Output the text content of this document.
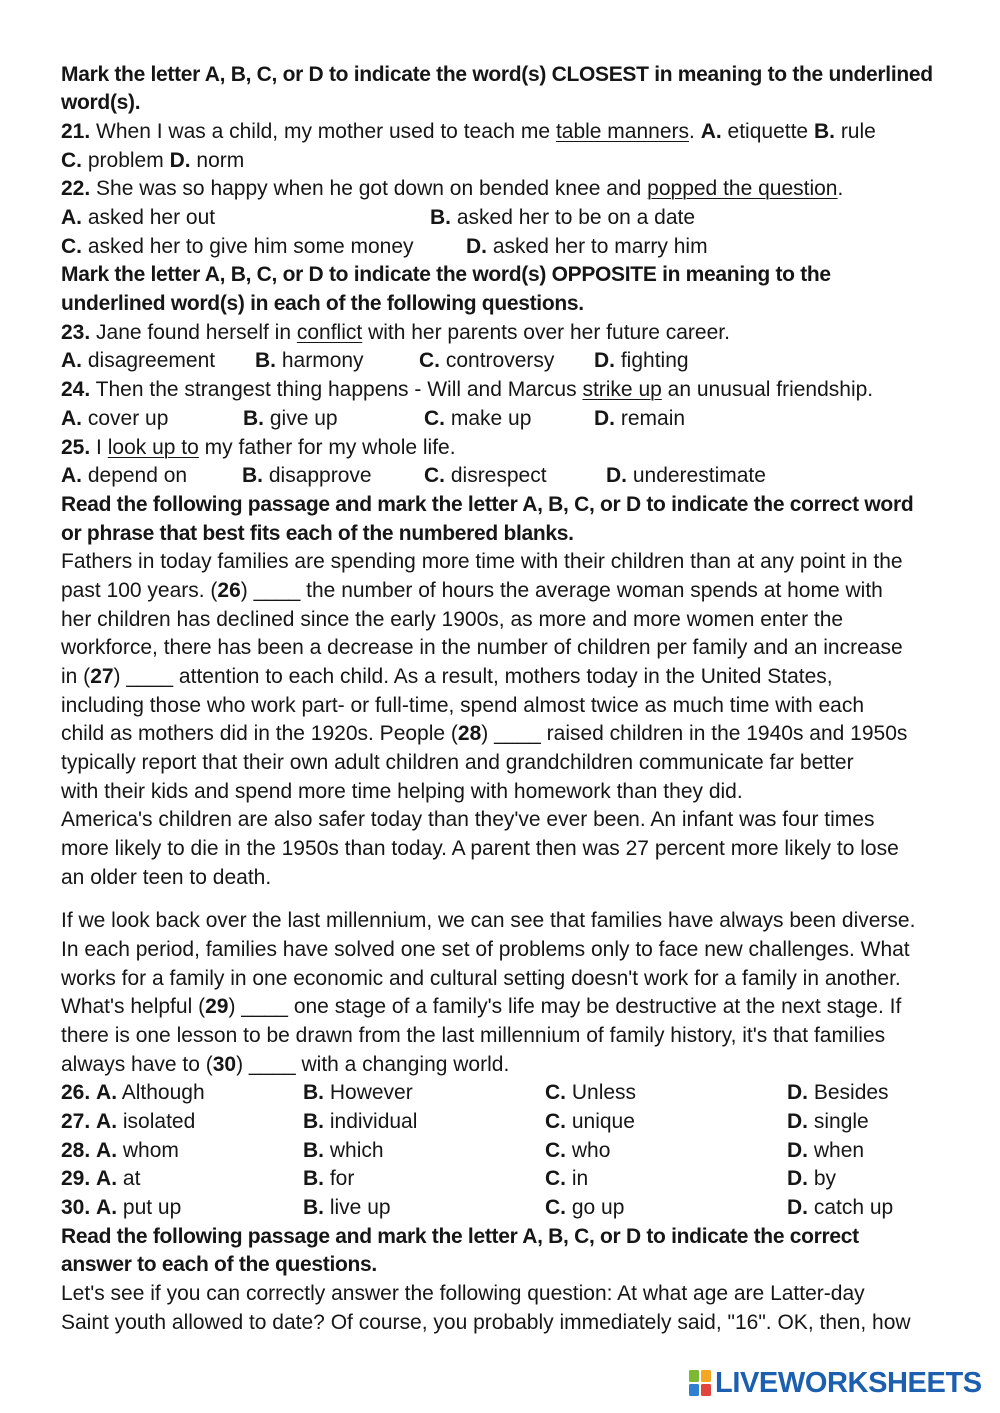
Mark the letter A, B, C, or D to indicate the word(s) CLOSEST in meaning to the underlined
word(s).
21. When I was a child, my mother used to teach me table manners. A. etiquette B. rule
C. problem D. norm
22. She was so happy when he got down on bended knee and popped the question.
A. asked her out	B. asked her to be on a date
C. asked her to give him some money	D. asked her to marry him
Mark the letter A, B, C, or D to indicate the word(s) OPPOSITE in meaning to the
underlined word(s) in each of the following questions.
23. Jane found herself in conflict with her parents over her future career.
A. disagreement B. harmony	C. controversy D. fighting
24. Then the strangest thing happens - Will and Marcus strike up an unusual friendship.
A. cover up	B. give up	C. make up	D. remain
25. I look up to my father for my whole life.
A. depend on	B. disapprove C. disrespect	D. underestimate
Read the following passage and mark the letter A, B, C, or D to indicate the correct word
or phrase that best fits each of the numbered blanks.
Fathers in today families are spending more time with their children than at any point in the
past 100 years. (26) ____ the number of hours the average woman spends at home with
her children has declined since the early 1900s, as more and more women enter the
workforce, there has been a decrease in the number of children per family and an increase
in (27) ____ attention to each child. As a result, mothers today in the United States,
including those who work part- or full-time, spend almost twice as much time with each
child as mothers did in the 1920s. People (28) ____ raised children in the 1940s and 1950s
typically report that their own adult children and grandchildren communicate far better
with their kids and spend more time helping with homework than they did.
America's children are also safer today than they've ever been. An infant was four times
more likely to die in the 1950s than today. A parent then was 27 percent more likely to lose
an older teen to death.
If we look back over the last millennium, we can see that families have always been diverse.
In each period, families have solved one set of problems only to face new challenges. What
works for a family in one economic and cultural setting doesn't work for a family in another.
What's helpful (29) ____ one stage of a family's life may be destructive at the next stage. If
there is one lesson to be drawn from the last millennium of family history, it's that families
always have to (30) ____ with a changing world.
26. A. Although	B. However	C. Unless	D. Besides
27. A. isolated	B. individual	C. unique	D. single
28. A. whom	B. which	C. who	D. when
29. A. at	B. for	C. in	D. by
30. A. put up	B. live up	C. go up	D. catch up
Read the following passage and mark the letter A, B, C, or D to indicate the correct
answer to each of the questions.
Let's see if you can correctly answer the following question: At what age are Latter-day
Saint youth allowed to date? Of course, you probably immediately said, "16". OK, then, how
LIVEWORKSHEETS
